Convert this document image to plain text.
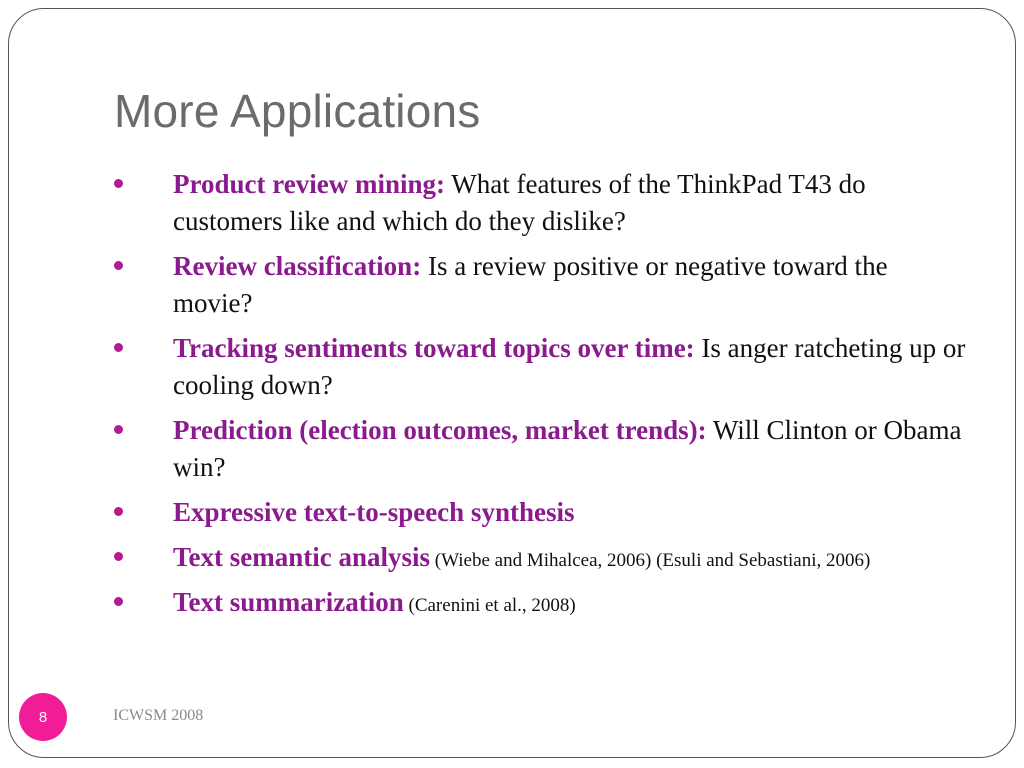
More Applications
Product review mining: What features of the ThinkPad T43 do customers like and which do they dislike?
Review classification: Is a review positive or negative toward the movie?
Tracking sentiments toward topics over time: Is anger ratcheting up or cooling down?
Prediction (election outcomes, market trends): Will Clinton or Obama win?
Expressive text-to-speech synthesis
Text semantic analysis (Wiebe and Mihalcea, 2006) (Esuli and Sebastiani, 2006)
Text summarization (Carenini et al., 2008)
8	ICWSM 2008
